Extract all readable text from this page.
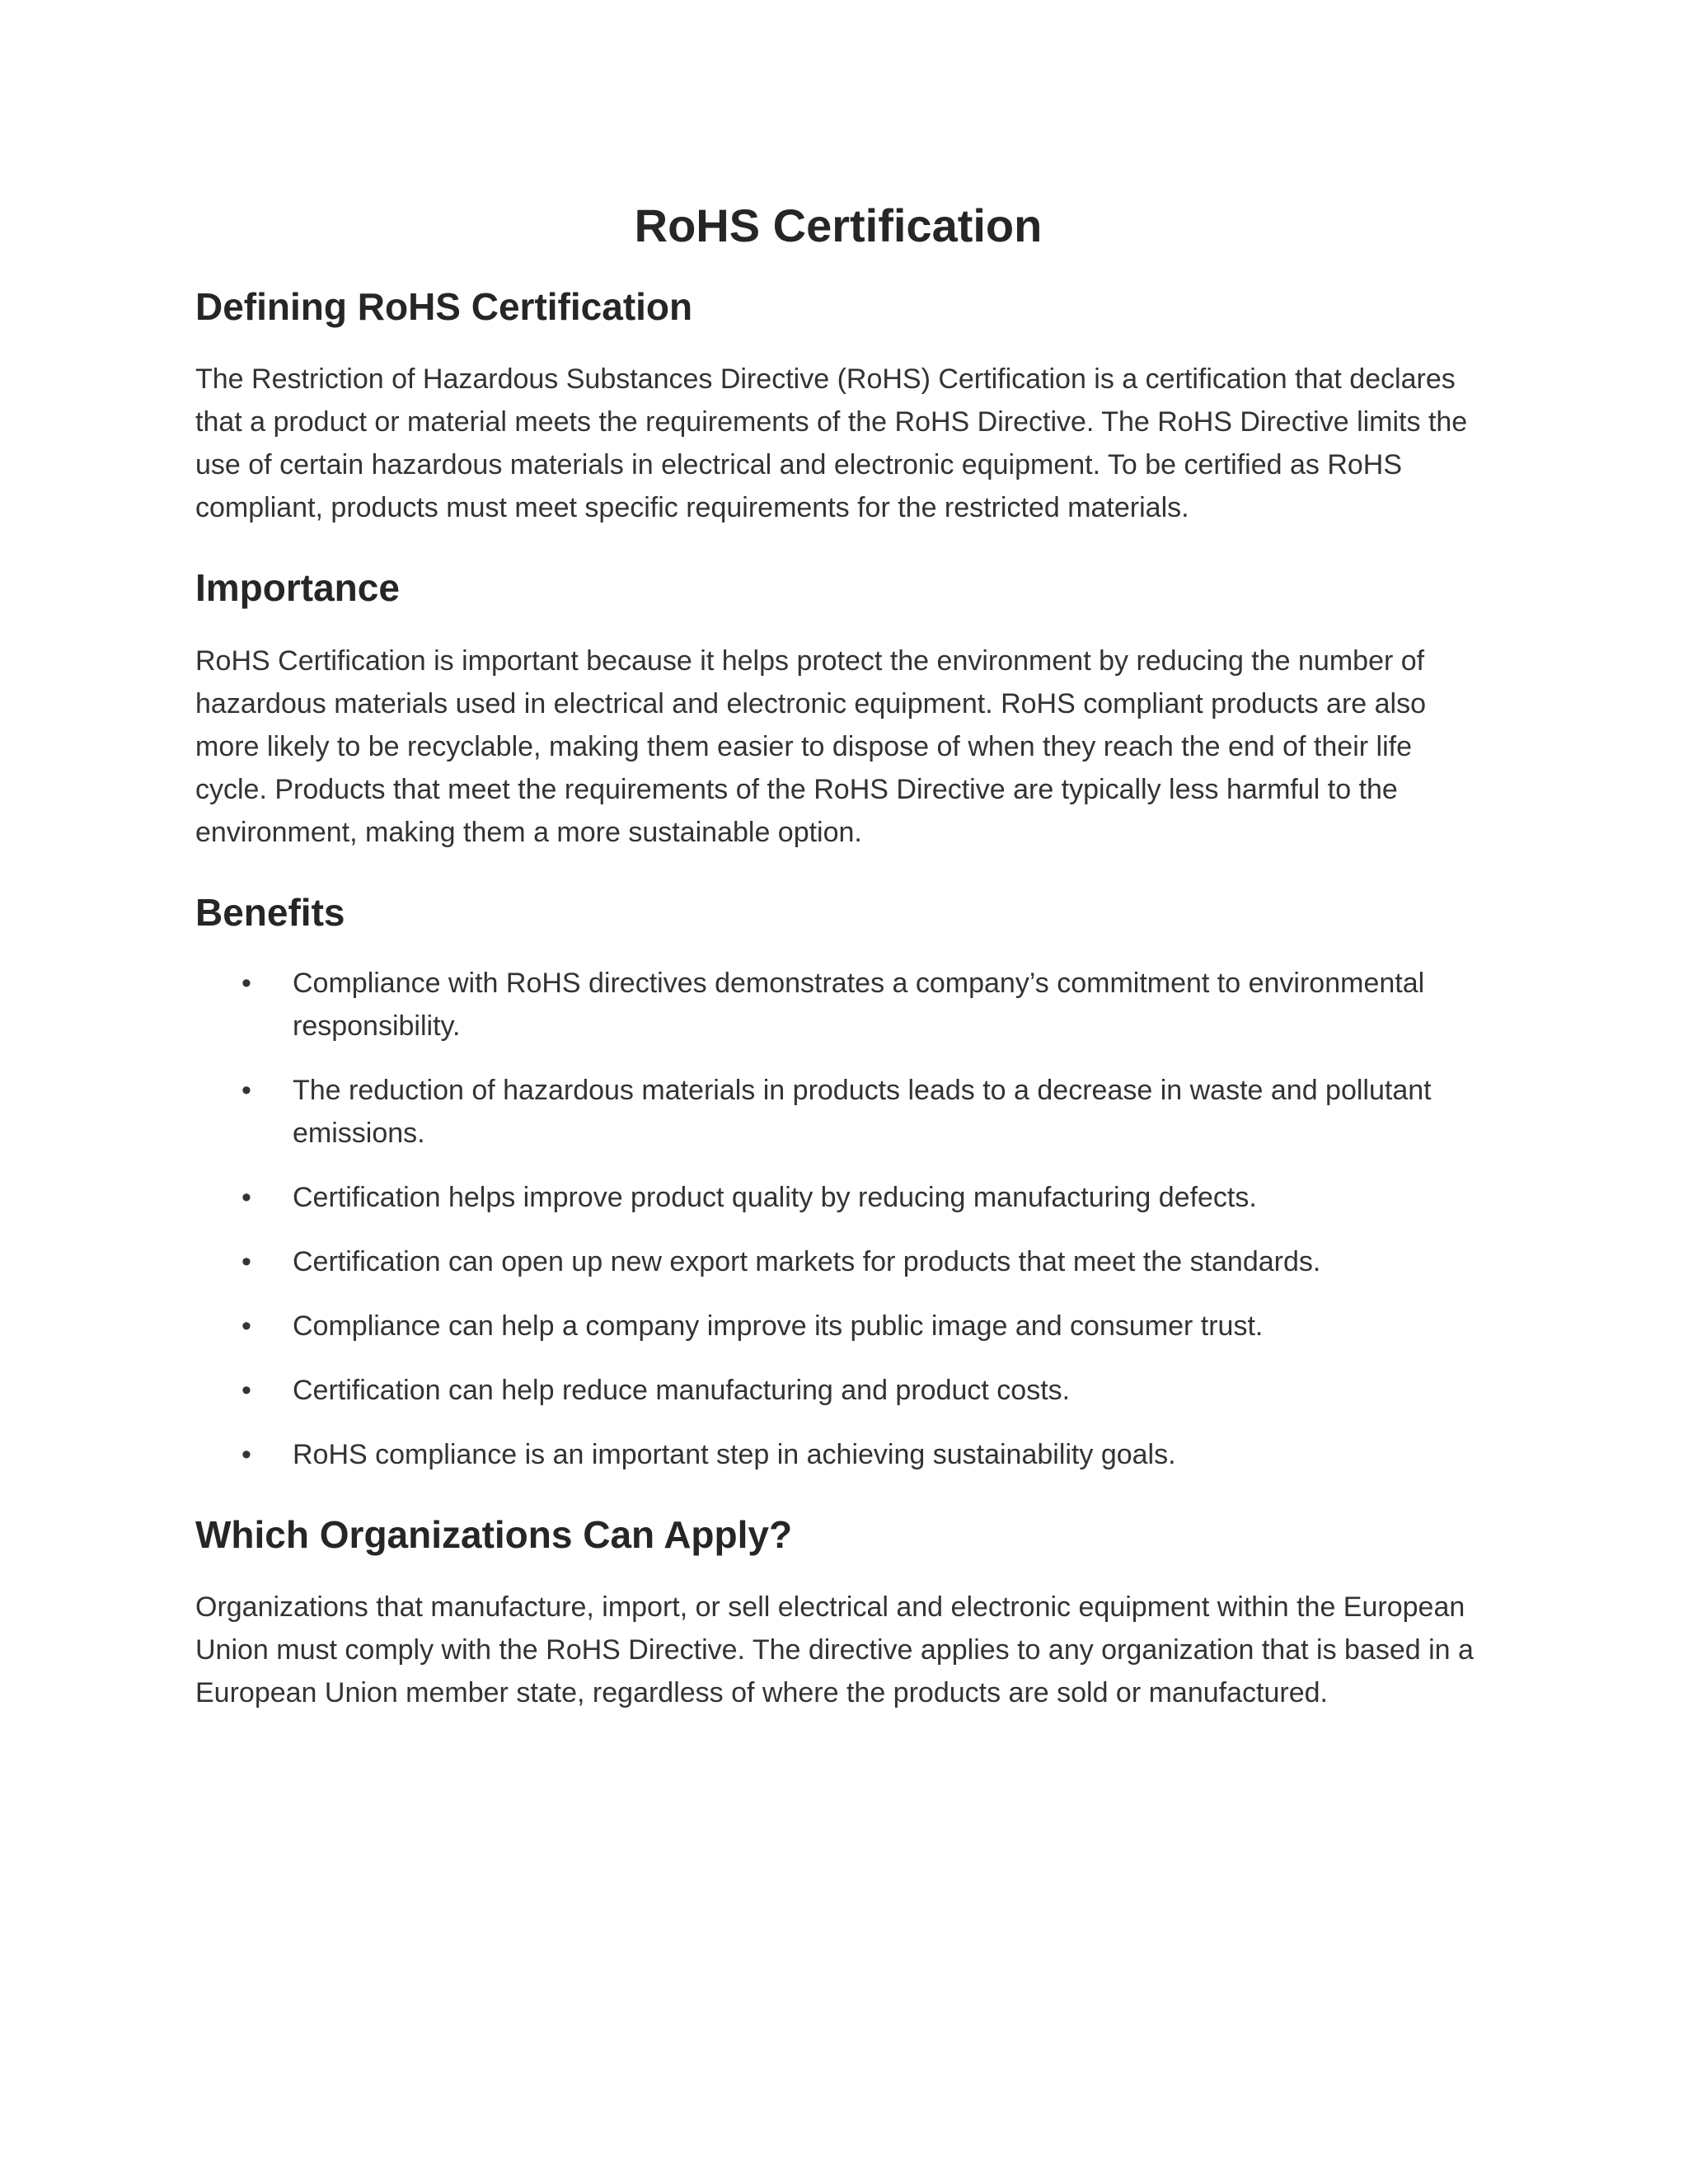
RoHS Certification
Defining RoHS Certification

The Restriction of Hazardous Substances Directive (RoHS) Certification is a certification that declares that a product or material meets the requirements of the RoHS Directive. The RoHS Directive limits the use of certain hazardous materials in electrical and electronic equipment. To be certified as RoHS compliant, products must meet specific requirements for the restricted materials.

Importance

RoHS Certification is important because it helps protect the environment by reducing the number of hazardous materials used in electrical and electronic equipment. RoHS compliant products are also more likely to be recyclable, making them easier to dispose of when they reach the end of their life cycle. Products that meet the requirements of the RoHS Directive are typically less harmful to the environment, making them a more sustainable option.

Benefits
• Compliance with RoHS directives demonstrates a company’s commitment to environmental responsibility.
• The reduction of hazardous materials in products leads to a decrease in waste and pollutant emissions.
• Certification helps improve product quality by reducing manufacturing defects.
• Certification can open up new export markets for products that meet the standards.
• Compliance can help a company improve its public image and consumer trust.
• Certification can help reduce manufacturing and product costs.
• RoHS compliance is an important step in achieving sustainability goals.
Which Organizations Can Apply?

Organizations that manufacture, import, or sell electrical and electronic equipment within the European Union must comply with the RoHS Directive. The directive applies to any organization that is based in a European Union member state, regardless of where the products are sold or manufactured.
